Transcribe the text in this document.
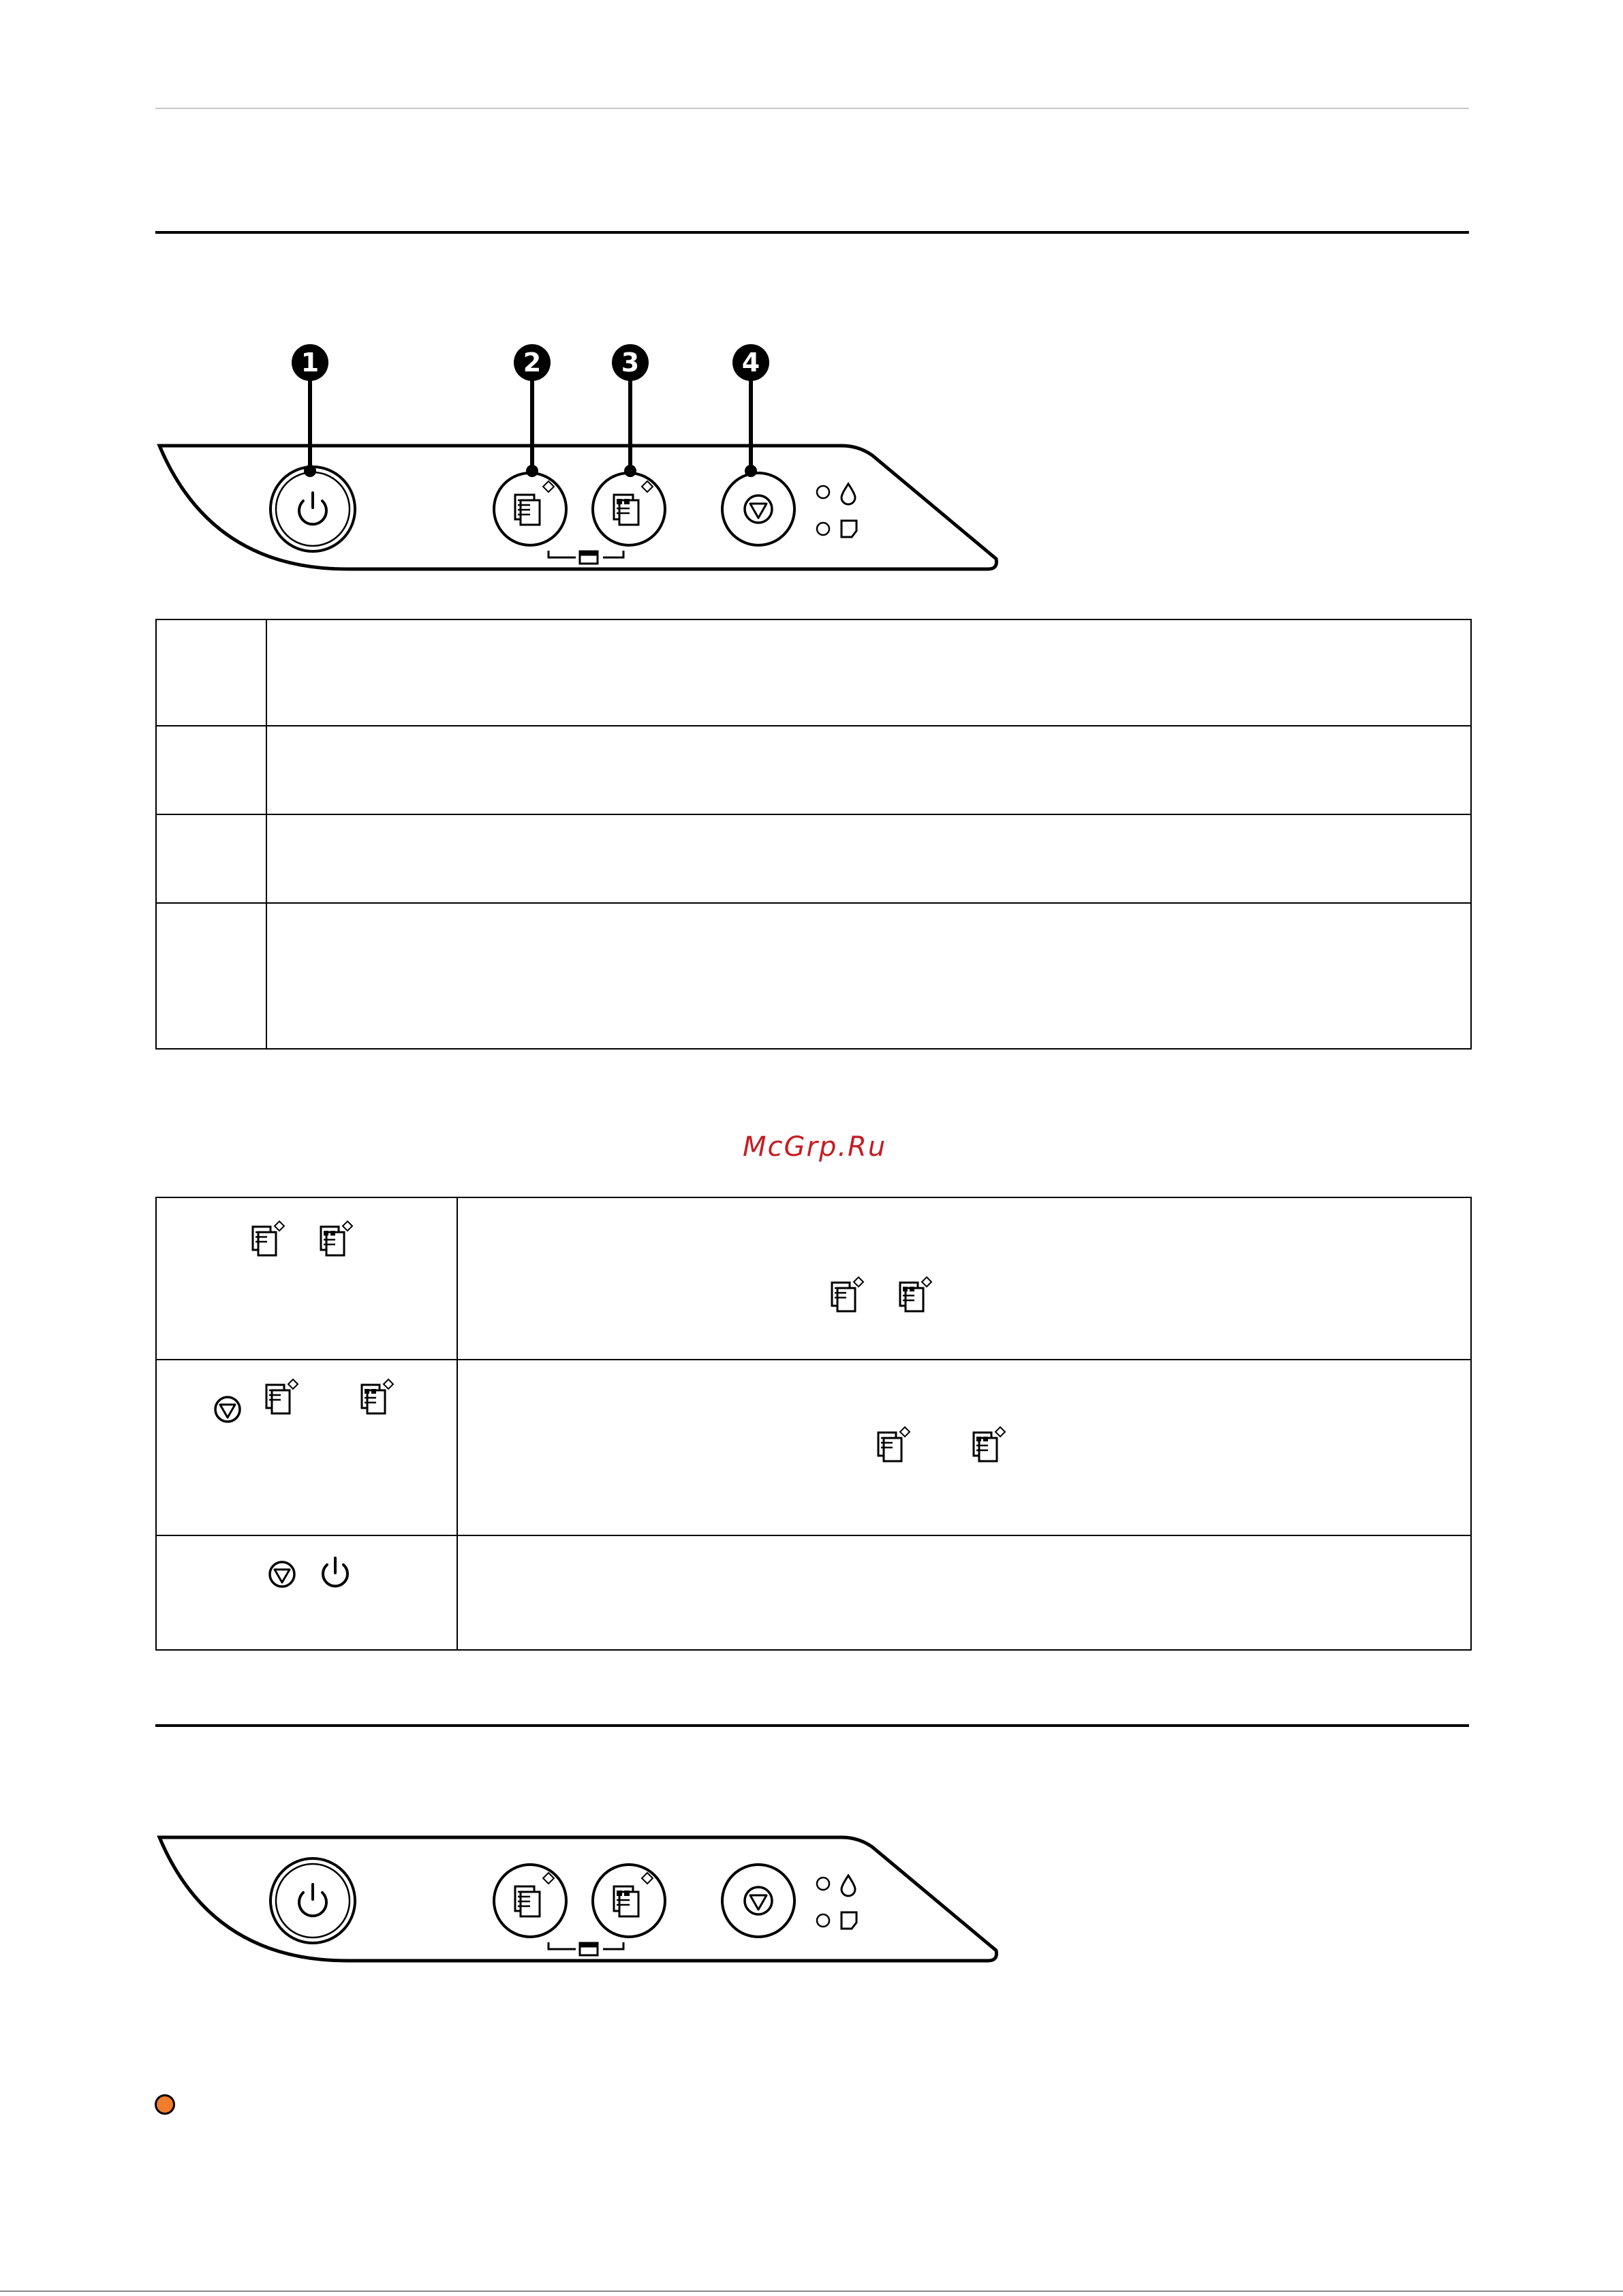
1	2	3	4

McGrp.Ru
